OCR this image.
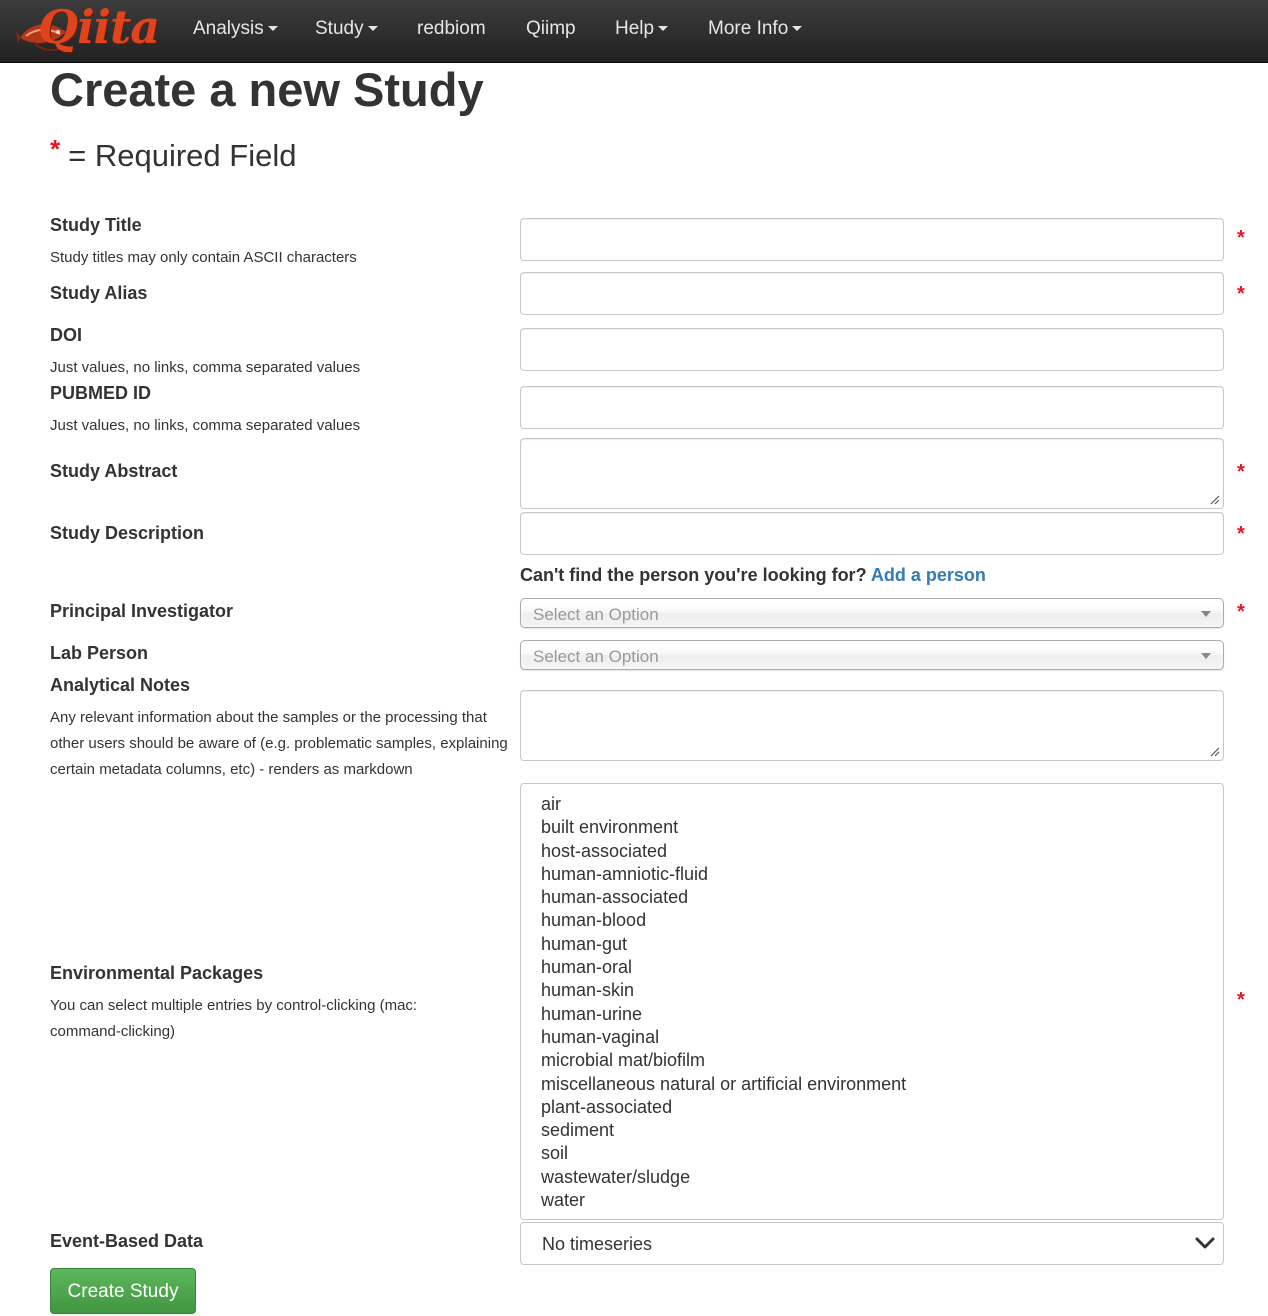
Qiita Analysis	Study	redbiom Qiimp Help	More Info
Create a new Study
* = Required Field
Study Title
Study titles may only contain ASCII characters
*
Study Alias	*
DOI
Just values, no links, comma separated values
PUBMED ID
Just values, no links, comma separated values
Study Abstract	*
Study Description	*
Can't find the person you're looking for? Add a person
Principal Investigator	Select an Option	*
Lab Person	Select an Option
Analytical Notes
Any relevant information about the samples or the processing that other users should be aware of (e.g. problematic samples, explaining certain metadata columns, etc) - renders as markdown
Environmental Packages
You can select multiple entries by control-clicking (mac: command-clicking)
air
built environment
host-associated
human-amniotic-fluid
human-associated
human-blood
human-gut
human-oral
human-skin
human-urine
human-vaginal
microbial mat/biofilm
miscellaneous natural or artificial environment
plant-associated
sediment
soil
wastewater/sludge
water
*
Event-Based Data	No timeseries
Create Study
